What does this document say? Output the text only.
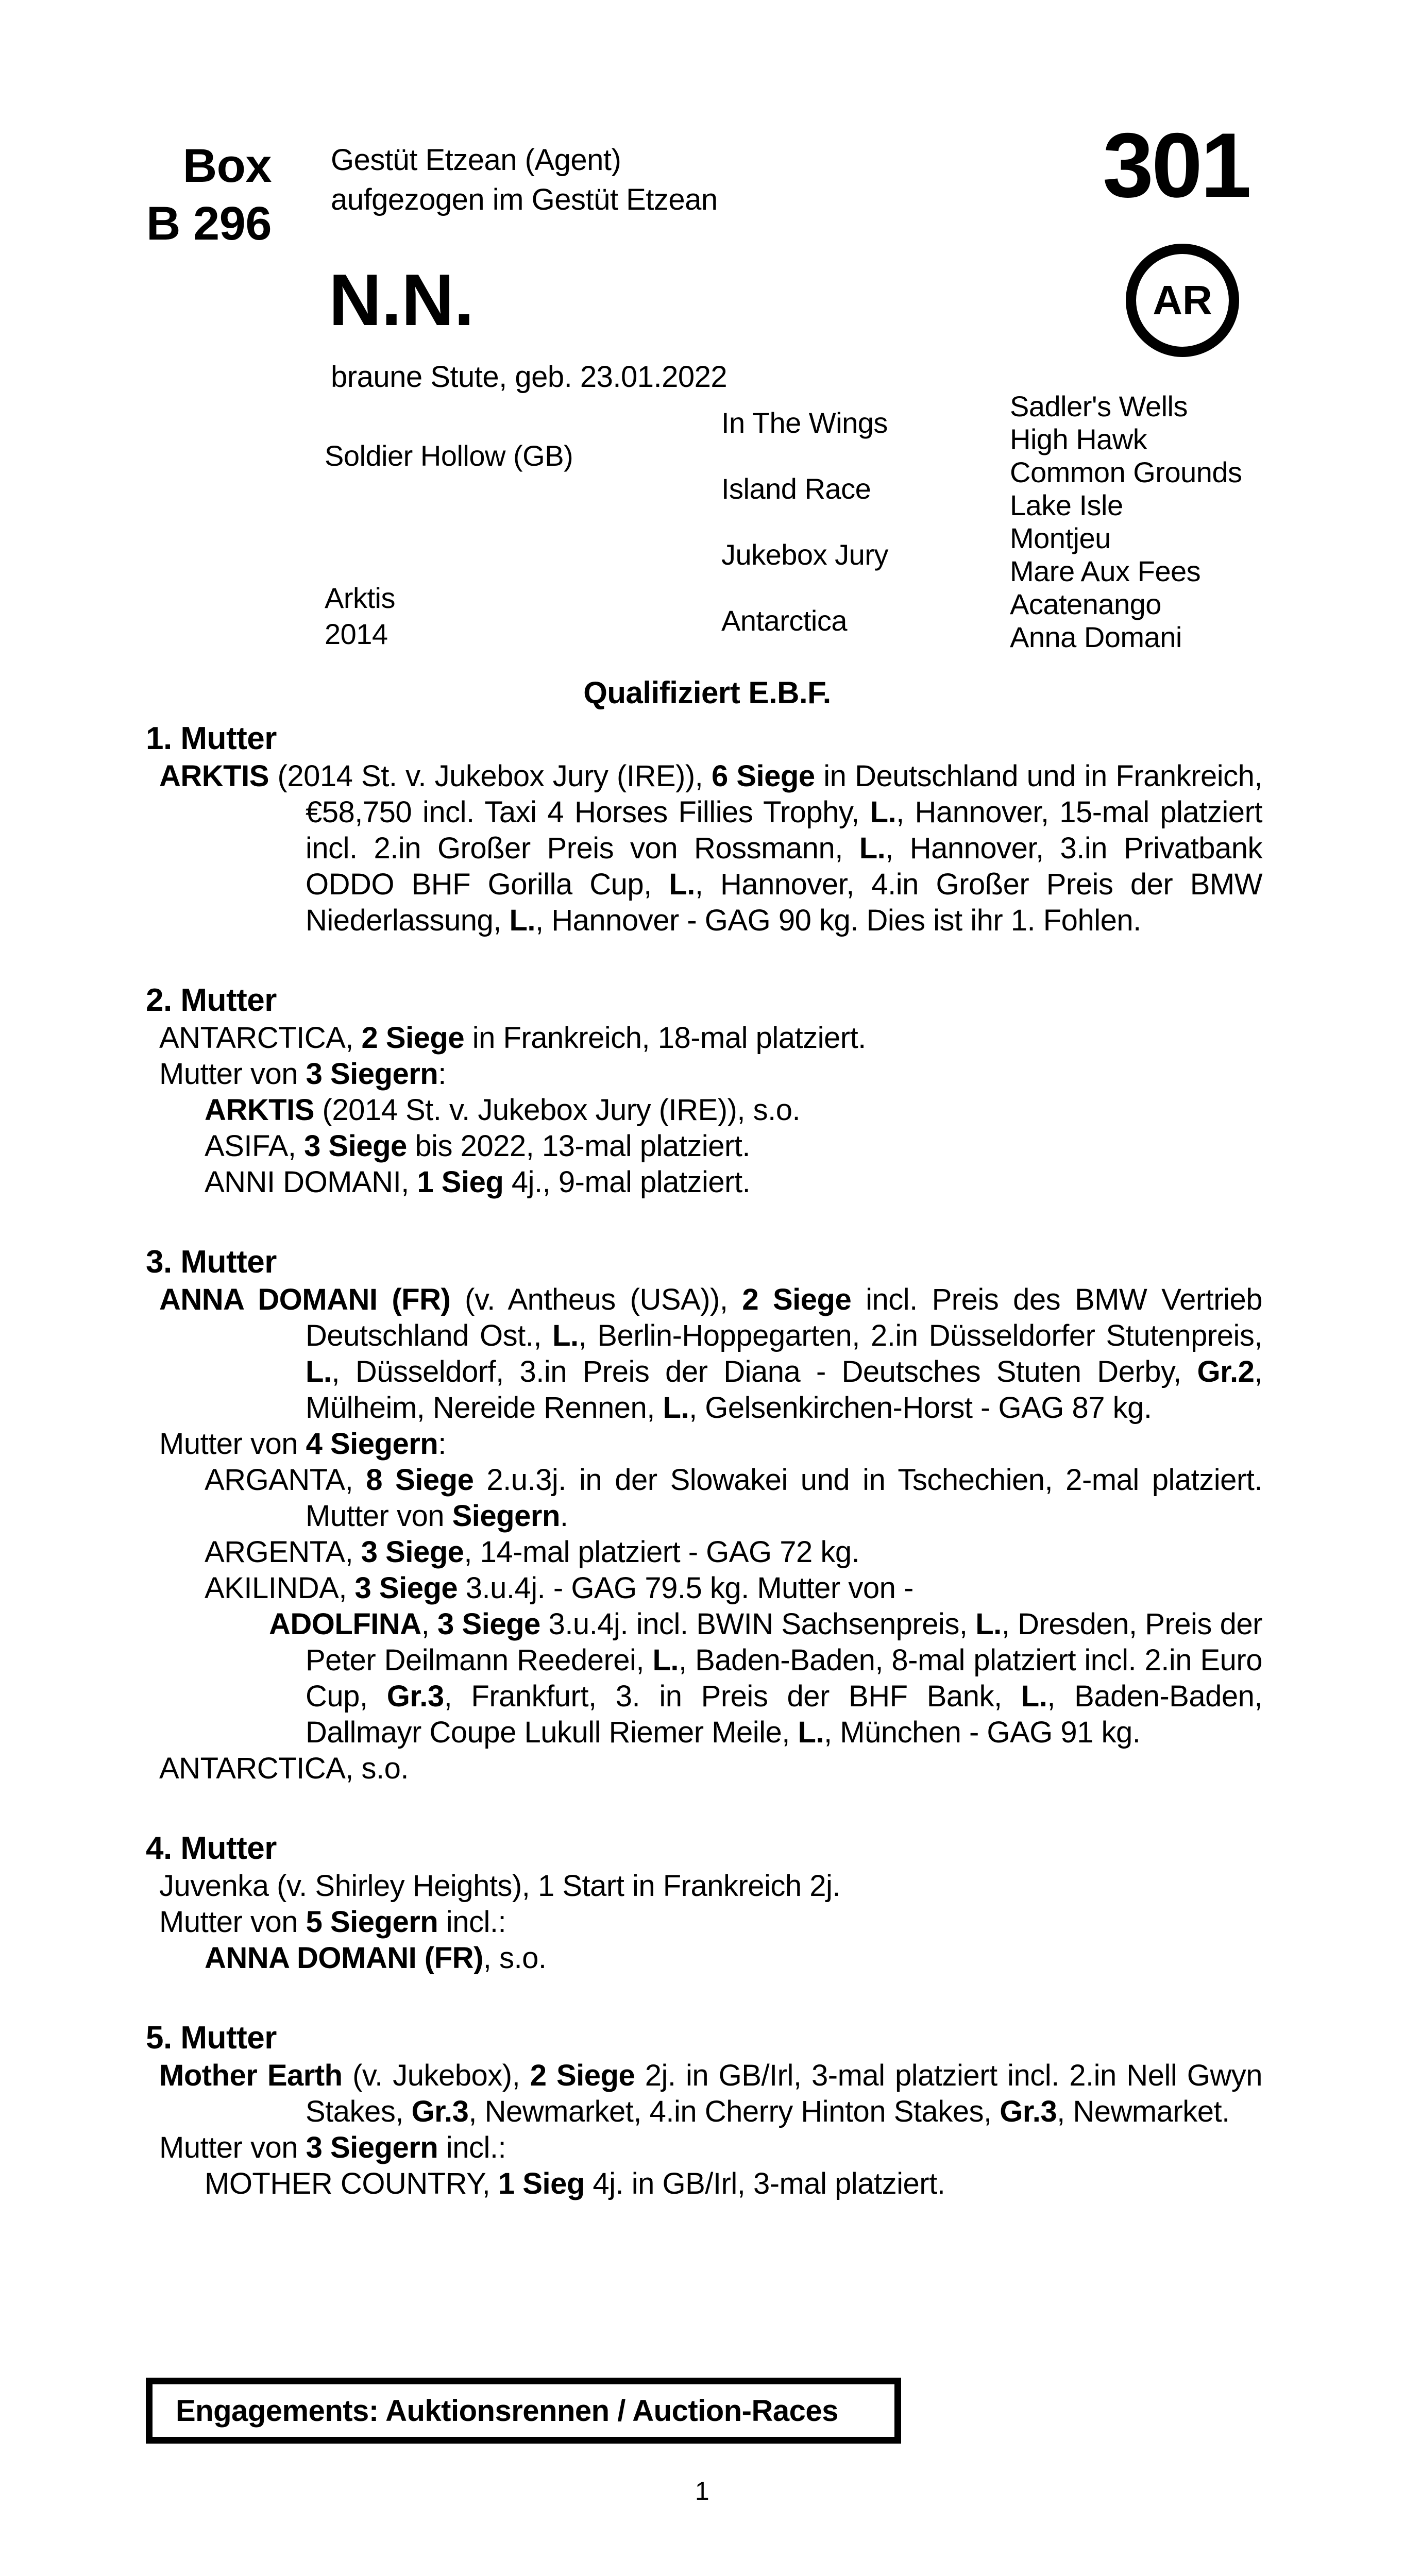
Box
B 296
Gestüt Etzean (Agent)
aufgezogen im Gestüt Etzean	301
AR
N.N.
braune Stute, geb. 23.01.2022
Soldier Hollow (GB)
Arktis
2014
In The Wings
Island Race
Jukebox Jury
Antarctica
Sadler's Wells
High Hawk
Common Grounds
Lake Isle
Montjeu
Mare Aux Fees
Acatenango
Anna Domani
Qualifiziert E.B.F.
1. Mutter

ARKTIS (2014 St. v. Jukebox Jury (IRE)), 6 Siege in Deutschland und in Frankreich, €58,750 incl. Taxi 4 Horses Fillies Trophy, L., Hannover, 15-mal platziert incl. 2.in Großer Preis von Rossmann, L., Hannover, 3.in Privatbank ODDO BHF Gorilla Cup, L., Hannover, 4.in Großer Preis der BMW Niederlassung, L., Hannover - GAG 90 kg. Dies ist ihr 1. Fohlen.

2. Mutter

ANTARCTICA, 2 Siege in Frankreich, 18-mal platziert.

Mutter von 3 Siegern:

ARKTIS (2014 St. v. Jukebox Jury (IRE)), s.o.

ASIFA, 3 Siege bis 2022, 13-mal platziert.

ANNI DOMANI, 1 Sieg 4j., 9-mal platziert.

3. Mutter

ANNA DOMANI (FR) (v. Antheus (USA)), 2 Siege incl. Preis des BMW Vertrieb Deutschland Ost., L., Berlin-Hoppegarten, 2.in Düsseldorfer Stutenpreis, L., Düsseldorf, 3.in Preis der Diana - Deutsches Stuten Derby, Gr.2, Mülheim, Nereide Rennen, L., Gelsenkirchen-Horst - GAG 87 kg.

Mutter von 4 Siegern:

ARGANTA, 8 Siege 2.u.3j. in der Slowakei und in Tschechien, 2-mal platziert. Mutter von Siegern.

ARGENTA, 3 Siege, 14-mal platziert - GAG 72 kg.

AKILINDA, 3 Siege 3.u.4j. - GAG 79.5 kg. Mutter von -

ADOLFINA, 3 Siege 3.u.4j. incl. BWIN Sachsenpreis, L., Dresden, Preis der Peter Deilmann Reederei, L., Baden-Baden, 8-mal platziert incl. 2.in Euro Cup, Gr.3, Frankfurt, 3. in Preis der BHF Bank, L., Baden-Baden, Dallmayr Coupe Lukull Riemer Meile, L., München - GAG 91 kg.

ANTARCTICA, s.o.

4. Mutter

Juvenka (v. Shirley Heights), 1 Start in Frankreich 2j.

Mutter von 5 Siegern incl.:

ANNA DOMANI (FR), s.o.

5. Mutter

Mother Earth (v. Jukebox), 2 Siege 2j. in GB/Irl, 3-mal platziert incl. 2.in Nell Gwyn Stakes, Gr.3, Newmarket, 4.in Cherry Hinton Stakes, Gr.3, Newmarket.

Mutter von 3 Siegern incl.:

MOTHER COUNTRY, 1 Sieg 4j. in GB/Irl, 3-mal platziert.

Engagements: Auktionsrennen / Auction-Races
1
